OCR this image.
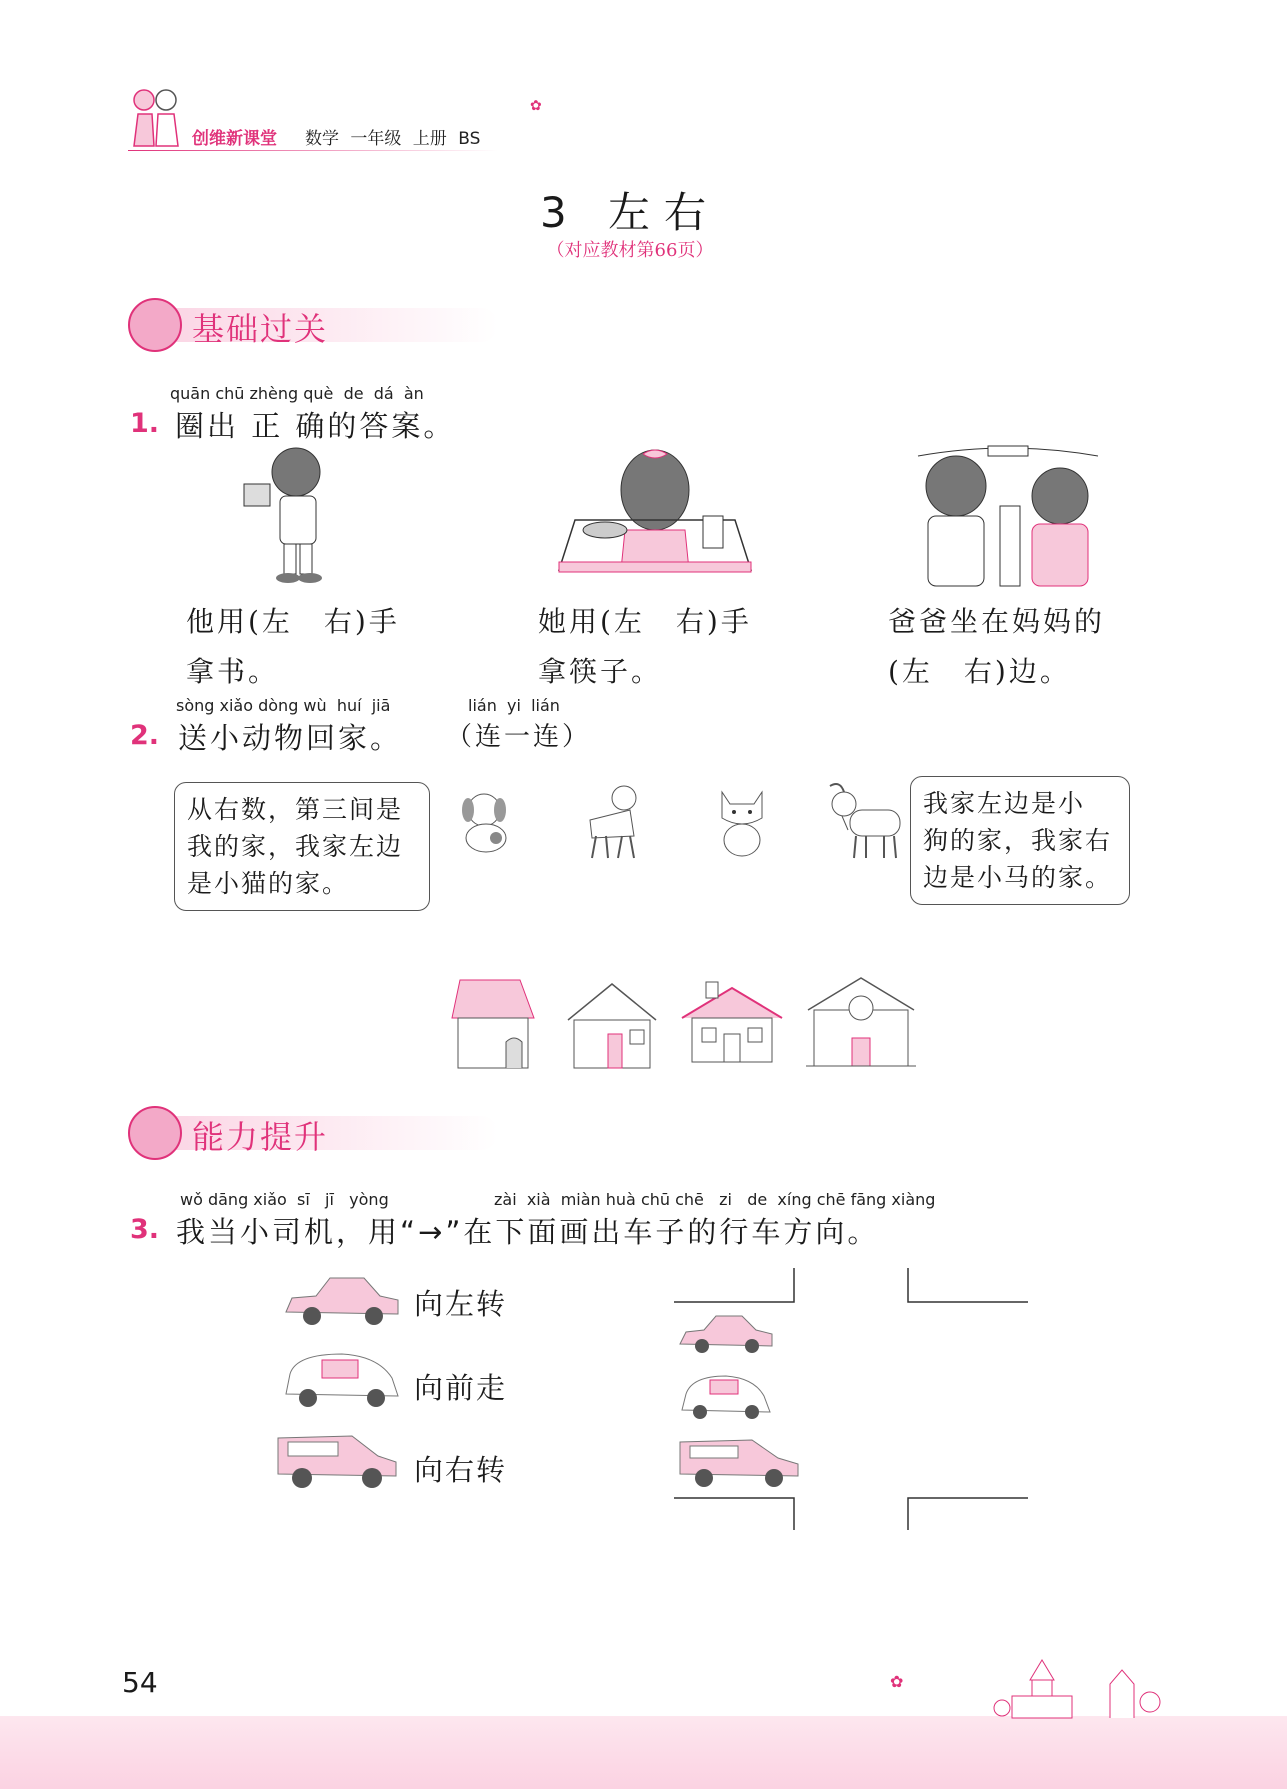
创维新课堂 数学 一年级 上册 BS
✿
3 左右
（对应教材第66页）
基础过关
quān chū zhèng què  de  dá  àn
1. 圈出 正 确的答案。
他用(左　右)手
拿书。
她用(左　右)手
拿筷子。
爸爸坐在妈妈的
(左　右)边。
sòng xiǎo dòng wù  huí  jiā	lián  yi  lián
2. 送小动物回家。 （连一连）
从右数，第三间是
我的家，我家左边
是小猫的家。
我家左边是小
狗的家，我家右
边是小马的家。
能力提升
wǒ dāng xiǎo  sī   jī   yòng	zài  xià  miàn huà chū chē   zi   de  xíng chē fāng xiàng
3. 我当小司机，用“→”在下面画出车子的行车方向。
向左转
向前走
向右转
54	✿
